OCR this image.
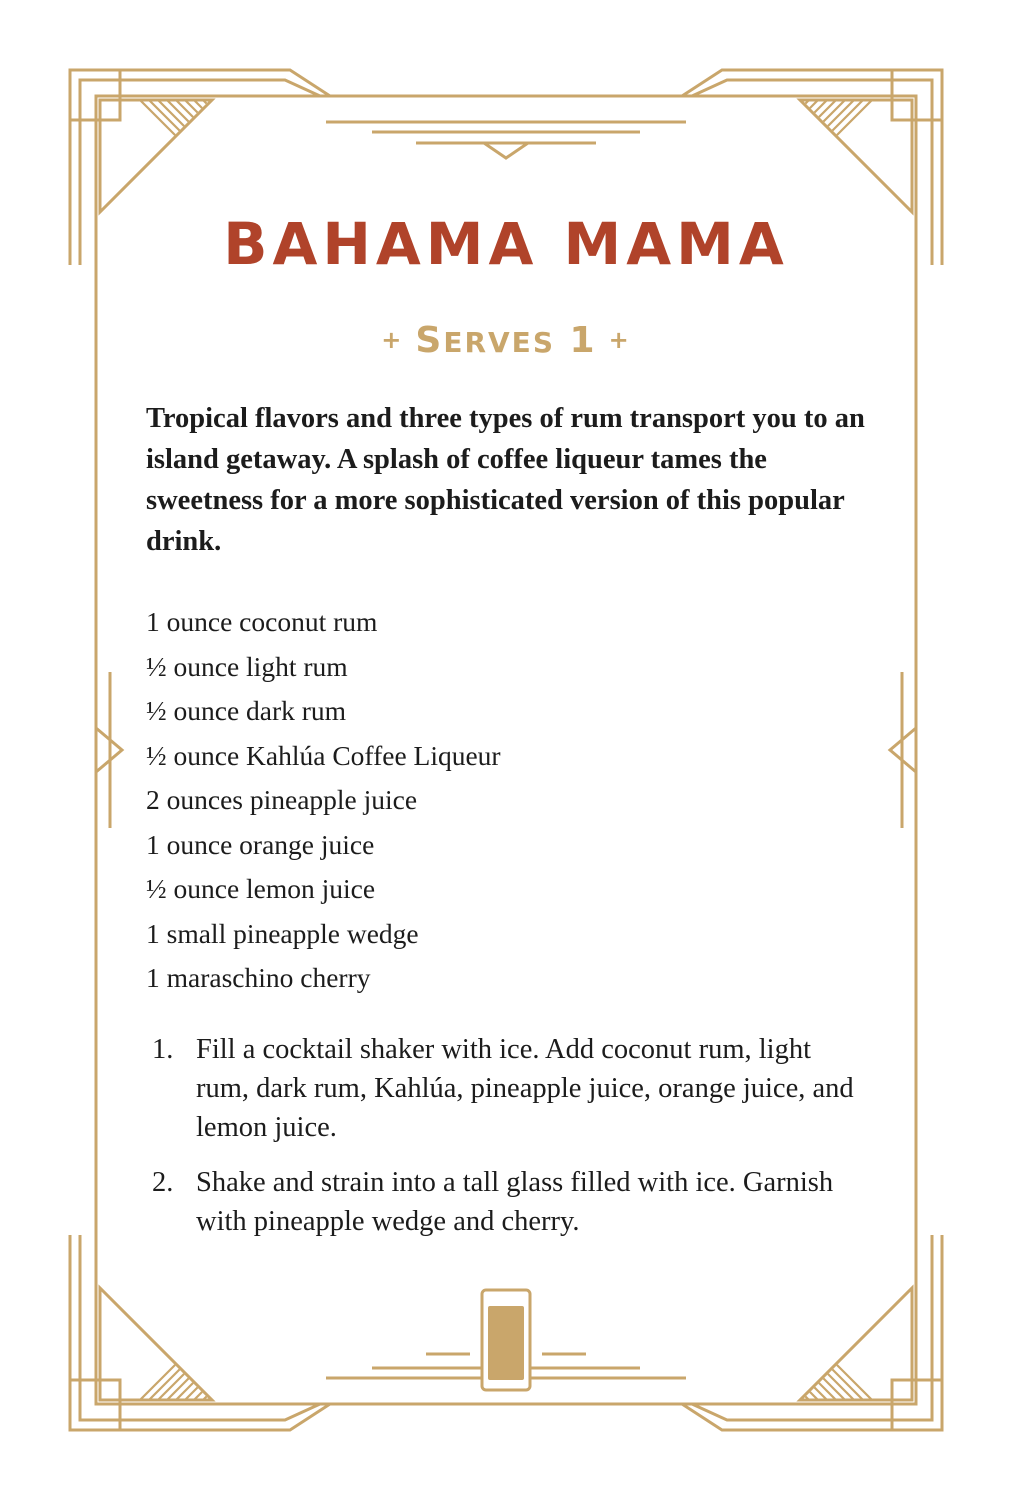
BAHAMA MAMA
+ SERVES 1 +

Tropical flavors and three types of rum transport you to an island getaway. A splash of coffee liqueur tames the sweetness for a more sophisticated version of this popular drink.

1 ounce coconut rum
½ ounce light rum
½ ounce dark rum
½ ounce Kahlúa Coffee Liqueur
2 ounces pineapple juice
1 ounce orange juice
½ ounce lemon juice
1 small pineapple wedge
1 maraschino cherry
1. Fill a cocktail shaker with ice. Add coconut rum, light rum, dark rum, Kahlúa, pineapple juice, orange juice, and lemon juice.
2. Shake and strain into a tall glass filled with ice. Garnish with pineapple wedge and cherry.
